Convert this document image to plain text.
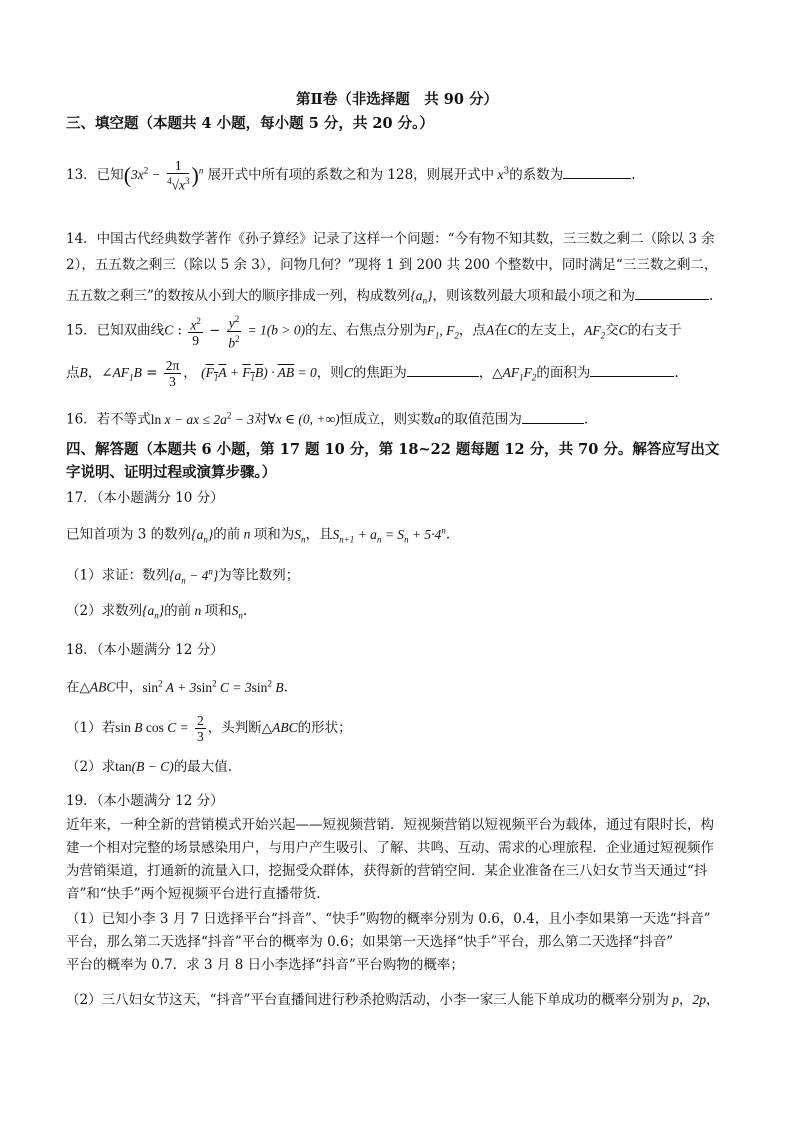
第Ⅱ卷（非选择题　共 90 分）
三、填空题（本题共 4 小题，每小题 5 分，共 20 分。）
13．已知$(3x^2 - \frac{1}{^4√x^3} )^n$ 展开式中所有项的系数之和为 128，则展开式中 $x^3$的系数为	.
14．中国古代经典数学著作《孙子算经》记录了这样一个问题：“今有物不知其数，三三数之剩二（除以 3 余
2），五五数之剩三（除以 5 余 3），问物几何？”现将 1 到 200 共 200 个整数中，同时满足“三三数之剩二，
五五数之剩三”的数按从小到大的顺序排成一列，构成数列$\{a_n\}$，则该数列最大项和最小项之和为	.
15．已知双曲线C : $\frac{x^2}{9} - \frac{y^2}{b^2} = 1(b > 0)$的左、右焦点分别为$F_1$, $F_2$，点A在C的左支上，$AF_2$交C的右支于
点B，$\angle AF_1B = \frac{2\pi}{3}$ ， $(F_1A + F_1B) \cdot \overline{AB} = 0$，则C的焦距为	，$\triangle AF_1F_2$的面积为	.
16．若不等式ln x − ax ≤ $2a^2 - 3$对∀x ∈ (0, +∞)恒成立，则实数a的取值范围为	.
四、解答题（本题共 6 小题，第 17 题 10 分，第 18~22 题每题 12 分，共 70 分。解答应写出文
字说明、证明过程或演算步骤。）
17．（本小题满分 10 分）
已知首项为 3 的数列$\{a_n\}$的前 n 项和为$S_n$，且$S_{n+1} + a_n = S_n + 5\cdot 4^n$.
（1）求证：数列$\{a_n - 4^n\}$为等比数列；
（2）求数列$\{a_n\}$的前 n 项和$S_n$.
18．（本小题满分 12 分）
在△ABC中，$\sin^2 A + 3\sin^2$ $C = 3\sin^2$ B.
（1）若sin B $\cos C = \frac{2}{3}$ ，头判断△ABC的形状；
（2）求tan(B − C)的最大值.
19．（本小题满分 12 分）
近年来，一种全新的营销模式开始兴起——短视频营销．短视频营销以短视频平台为载体，通过有限时长，构
建一个相对完整的场景感染用户，与用户产生吸引、了解、共鸣、互动、需求的心理旅程．企业通过短视频作
为营销渠道，打通新的流量入口，挖掘受众群体，获得新的营销空间．某企业准备在三八妇女节当天通过“抖
音”和“快手”两个短视频平台进行直播带货.
（1）已知小李 3 月 7 日选择平台“抖音”、“快手”购物的概率分别为 0.6，0.4，且小李如果第一天选“抖音”
平台，那么第二天选择“抖音”平台的概率为 0.6；如果第一天选择“快手”平台，那么第二天选择“抖音”
平台的概率为 0.7．求 3 月 8 日小李选择“抖音”平台购物的概率；
（2）三八妇女节这天，“抖音”平台直播间进行秒杀抢购活动，小李一家三人能下单成功的概率分别为 p，2p，
